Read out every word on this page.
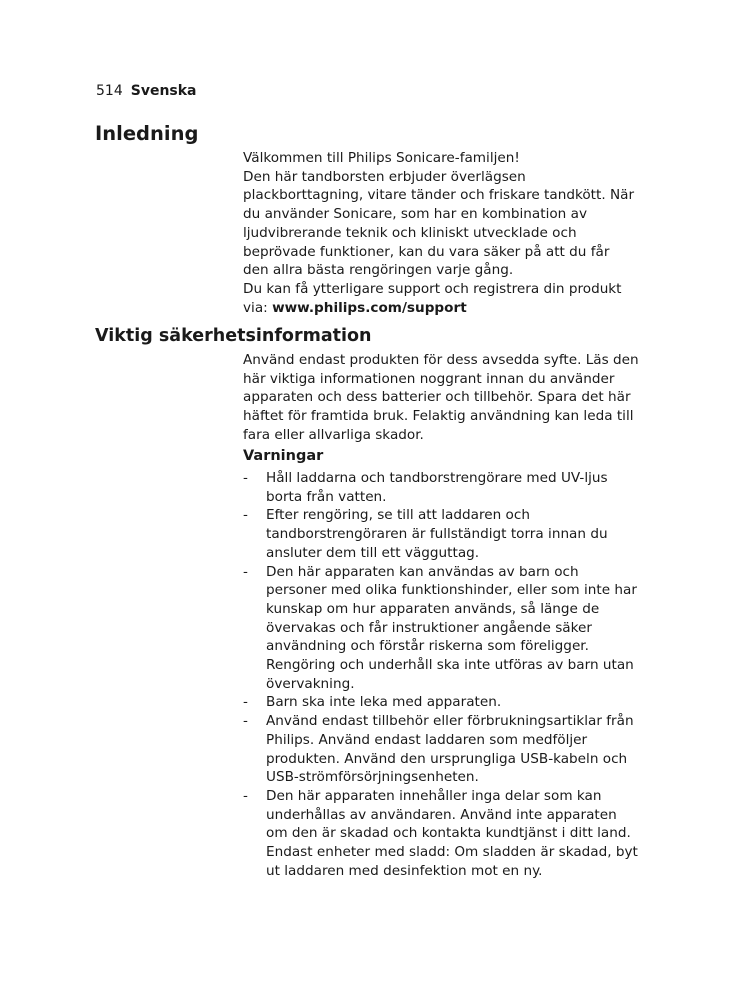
514 Svenska
Inledning
Välkommen till Philips Sonicare-familjen!
Den här tandborsten erbjuder överlägsen
plackborttagning, vitare tänder och friskare tandkött. När
du använder Sonicare, som har en kombination av
ljudvibrerande teknik och kliniskt utvecklade och
beprövade funktioner, kan du vara säker på att du får
den allra bästa rengöringen varje gång.
Du kan få ytterligare support och registrera din produkt
via: www.philips.com/support
Viktig säkerhetsinformation
Använd endast produkten för dess avsedda syfte. Läs den
här viktiga informationen noggrant innan du använder
apparaten och dess batterier och tillbehör. Spara det här
häftet för framtida bruk. Felaktig användning kan leda till
fara eller allvarliga skador.
Varningar
- Håll laddarna och tandborstrengörare med UV-ljus
borta från vatten.
- Efter rengöring, se till att laddaren och
tandborstrengöraren är fullständigt torra innan du
ansluter dem till ett vägguttag.
- Den här apparaten kan användas av barn och
personer med olika funktionshinder, eller som inte har
kunskap om hur apparaten används, så länge de
övervakas och får instruktioner angående säker
användning och förstår riskerna som föreligger.
Rengöring och underhåll ska inte utföras av barn utan
övervakning.
- Barn ska inte leka med apparaten.
- Använd endast tillbehör eller förbrukningsartiklar från
Philips. Använd endast laddaren som medföljer
produkten. Använd den ursprungliga USB-kabeln och
USB-strömförsörjningsenheten.
- Den här apparaten innehåller inga delar som kan
underhållas av användaren. Använd inte apparaten
om den är skadad och kontakta kundtjänst i ditt land.
Endast enheter med sladd: Om sladden är skadad, byt
ut laddaren med desinfektion mot en ny.
